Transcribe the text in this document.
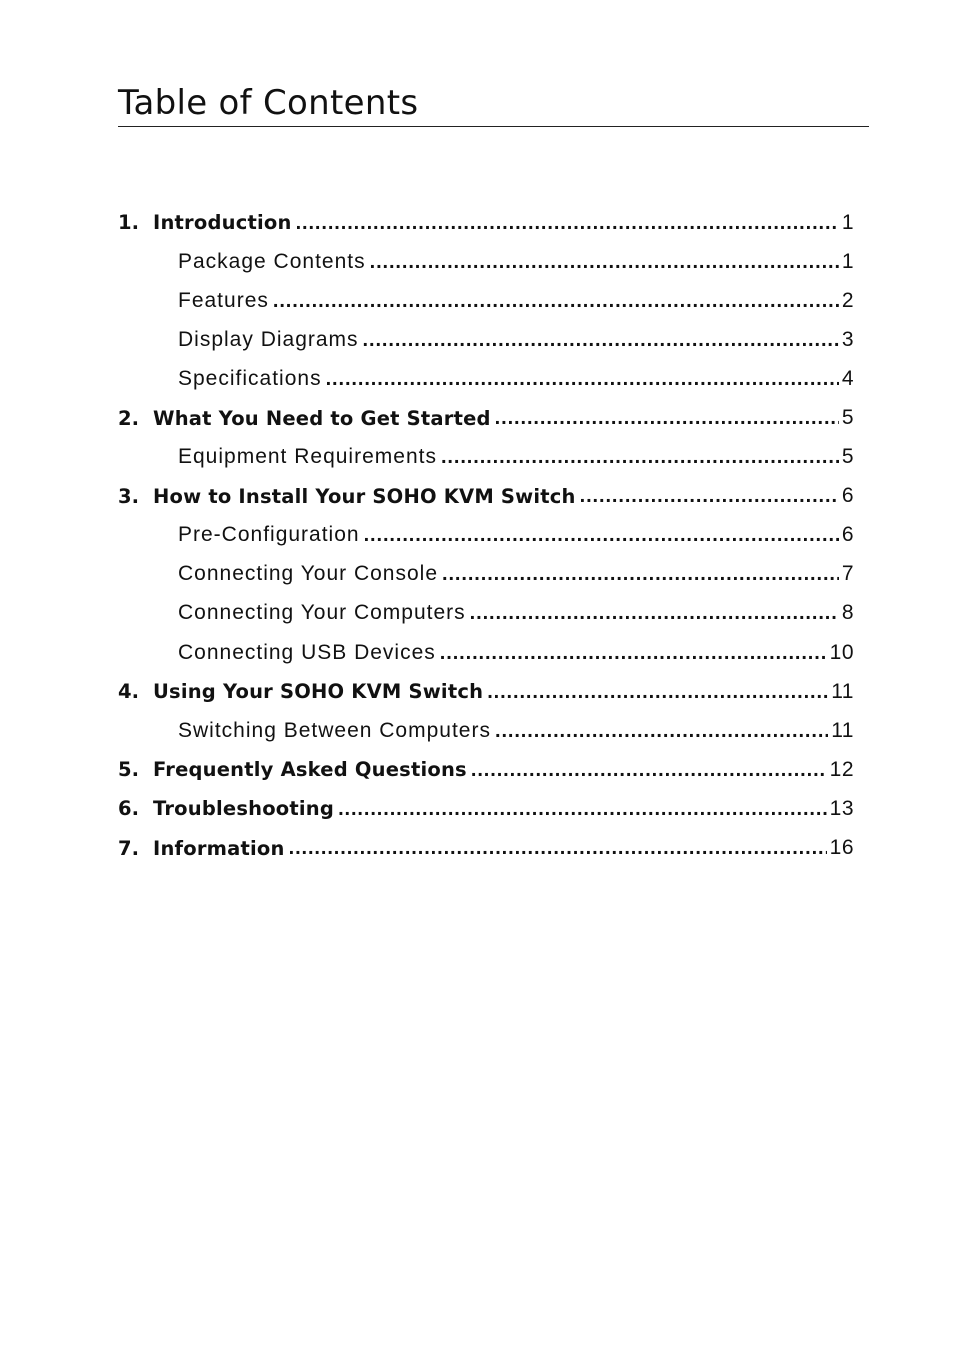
Table of Contents
1. Introduction .....	1
Package Contents .....	1
Features .....	2
Display Diagrams .....	3
Specifications .....	4
2. What You Need to Get Started .....	5
Equipment Requirements .....	5
3. How to Install Your SOHO KVM Switch .....	6
Pre-Configuration .....	6
Connecting Your Console .....	7
Connecting Your Computers .....	8
Connecting USB Devices .....	10
4. Using Your SOHO KVM Switch .....	11
Switching Between Computers .....	11
5. Frequently Asked Questions .....	12
6. Troubleshooting .....	13
7. Information .....	16
